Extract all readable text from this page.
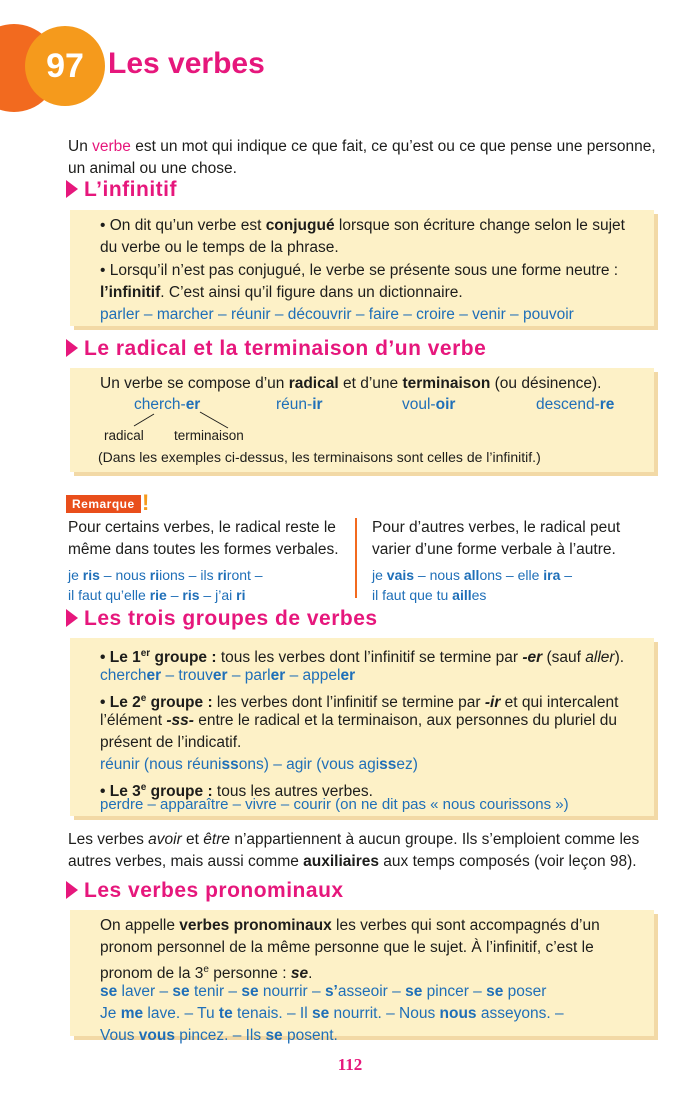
97 Les verbes
Un verbe est un mot qui indique ce que fait, ce qu’est ou ce que pense une personne,
un animal ou une chose.
L’infinitif
• On dit qu’un verbe est conjugué lorsque son écriture change selon le sujet
du verbe ou le temps de la phrase.
• Lorsqu’il n’est pas conjugué, le verbe se présente sous une forme neutre :
l’infinitif. C’est ainsi qu’il figure dans un dictionnaire.
parler – marcher – réunir – découvrir – faire – croire – venir – pouvoir
Le radical et la terminaison d’un verbe
Un verbe se compose d’un radical et d’une terminaison (ou désinence).
cherch-er	réun-ir	voul-oir	descend-re
radical terminaison
(Dans les exemples ci-dessus, les terminaisons sont celles de l’infinitif.)
Remarque !
Pour certains verbes, le radical reste le
même dans toutes les formes verbales.
je ris – nous riions – ils riront –
il faut qu’elle rie – ris – j’ai ri
Pour d’autres verbes, le radical peut
varier d’une forme verbale à l’autre.
je vais – nous allons – elle ira –
il faut que tu ailles
Les trois groupes de verbes
• Le 1er groupe : tous les verbes dont l’infinitif se termine par -er (sauf aller).
chercher – trouver – parler – appeler
• Le 2e groupe : les verbes dont l’infinitif se termine par -ir et qui intercalent
l’élément -ss- entre le radical et la terminaison, aux personnes du pluriel du
présent de l’indicatif.
réunir (nous réunissons) – agir (vous agissez)
• Le 3e groupe : tous les autres verbes.
perdre – apparaître – vivre – courir (on ne dit pas « nous courissons »)
Les verbes avoir et être n’appartiennent à aucun groupe. Ils s’emploient comme les
autres verbes, mais aussi comme auxiliaires aux temps composés (voir leçon 98).
Les verbes pronominaux
On appelle verbes pronominaux les verbes qui sont accompagnés d’un
pronom personnel de la même personne que le sujet. À l’infinitif, c’est le
pronom de la 3e personne : se.
se laver – se tenir – se nourrir – s’asseoir – se pincer – se poser
Je me lave. – Tu te tenais. – Il se nourrit. – Nous nous asseyons. –
Vous vous pincez. – Ils se posent.
112
